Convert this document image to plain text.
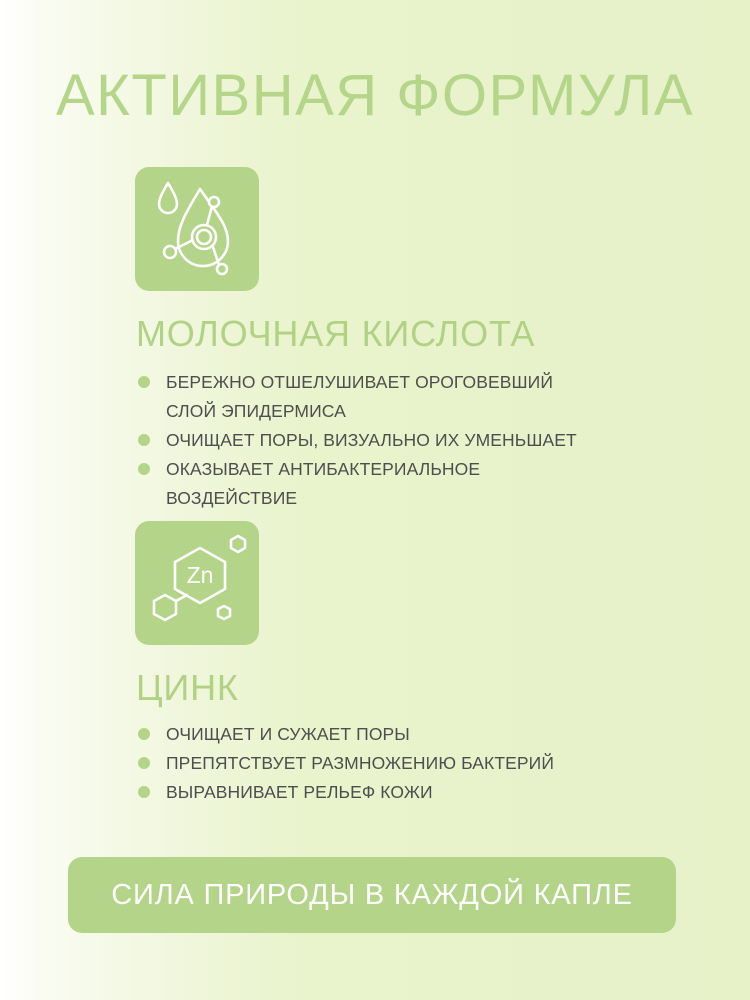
АКТИВНАЯ ФОРМУЛА
МОЛОЧНАЯ КИСЛОТА
БЕРЕЖНО ОТШЕЛУШИВАЕТ ОРОГОВЕВШИЙ СЛОЙ ЭПИДЕРМИСА
ОЧИЩАЕТ ПОРЫ, ВИЗУАЛЬНО ИХ УМЕНЬШАЕТ
ОКАЗЫВАЕТ АНТИБАКТЕРИАЛЬНОЕ ВОЗДЕЙСТВИЕ
Zn
ЦИНК
ОЧИЩАЕТ И СУЖАЕТ ПОРЫ
ПРЕПЯТСТВУЕТ РАЗМНОЖЕНИЮ БАКТЕРИЙ
ВЫРАВНИВАЕТ РЕЛЬЕФ КОЖИ
СИЛА ПРИРОДЫ В КАЖДОЙ КАПЛЕ
